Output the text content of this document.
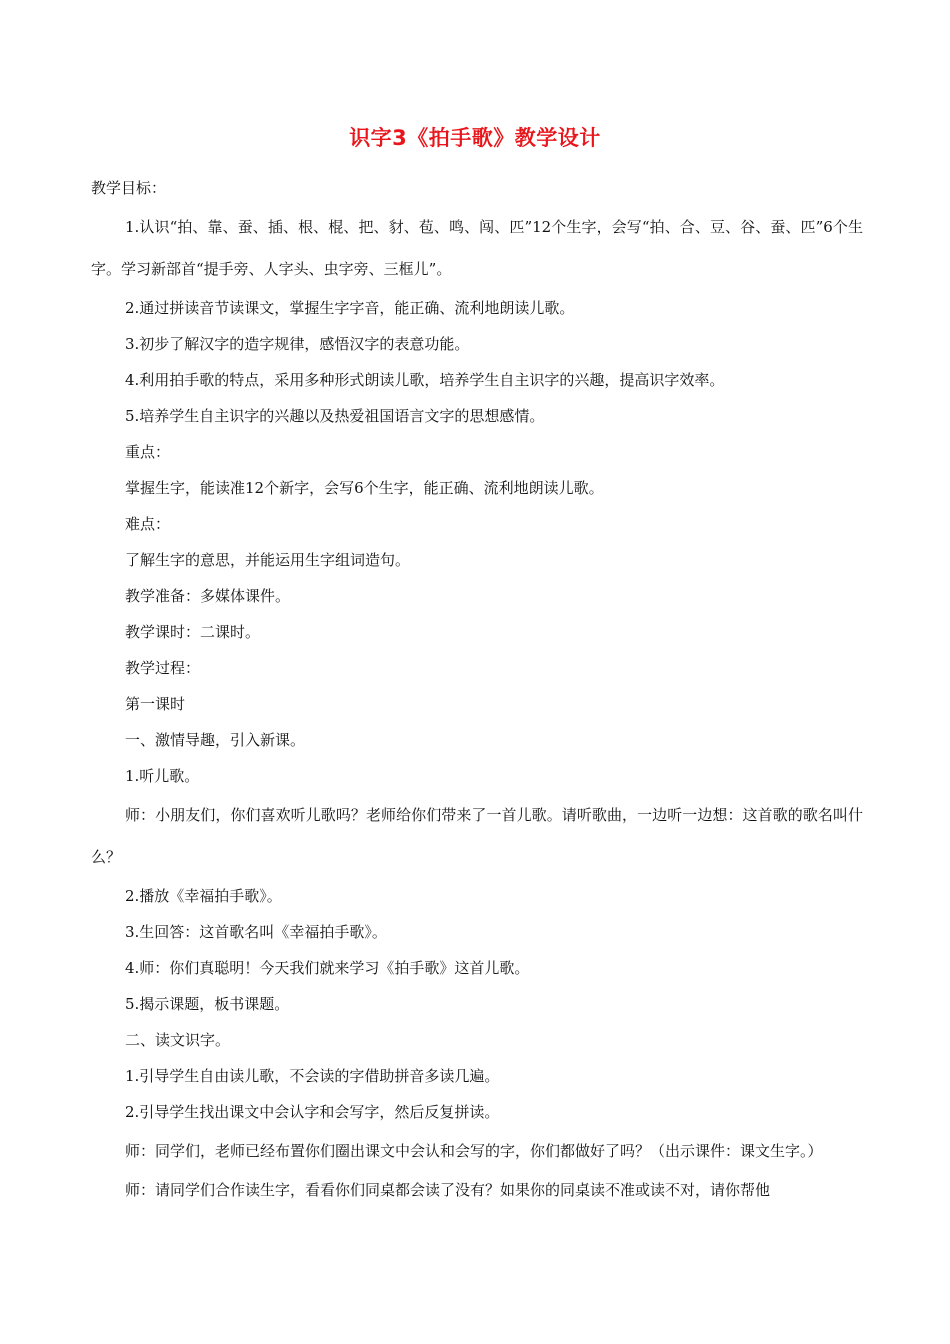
识字3《拍手歌》教学设计

教学目标：

1.认识“拍、靠、蚕、插、根、棍、把、豺、苞、鸣、闯、匹”12个生字，会写“拍、合、豆、谷、蚕、匹”6个生字。学习新部首“提手旁、人字头、虫字旁、三框儿”。

2.通过拼读音节读课文，掌握生字字音，能正确、流利地朗读儿歌。

3.初步了解汉字的造字规律，感悟汉字的表意功能。

4.利用拍手歌的特点，采用多种形式朗读儿歌，培养学生自主识字的兴趣，提高识字效率。

5.培养学生自主识字的兴趣以及热爱祖国语言文字的思想感情。

重点：

掌握生字，能读准12个新字，会写6个生字，能正确、流利地朗读儿歌。

难点：

了解生字的意思，并能运用生字组词造句。

教学准备：多媒体课件。

教学课时：二课时。

教学过程：

第一课时

一、激情导趣，引入新课。

1.听儿歌。

师：小朋友们，你们喜欢听儿歌吗？老师给你们带来了一首儿歌。请听歌曲，一边听一边想：这首歌的歌名叫什么？

2.播放《幸福拍手歌》。

3.生回答：这首歌名叫《幸福拍手歌》。

4.师：你们真聪明！今天我们就来学习《拍手歌》这首儿歌。

5.揭示课题，板书课题。

二、读文识字。

1.引导学生自由读儿歌，不会读的字借助拼音多读几遍。

2.引导学生找出课文中会认字和会写字，然后反复拼读。

师：同学们，老师已经布置你们圈出课文中会认和会写的字，你们都做好了吗？（出示课件：课文生字。）

师：请同学们合作读生字，看看你们同桌都会读了没有？如果你的同桌读不准或读不对，请你帮他
